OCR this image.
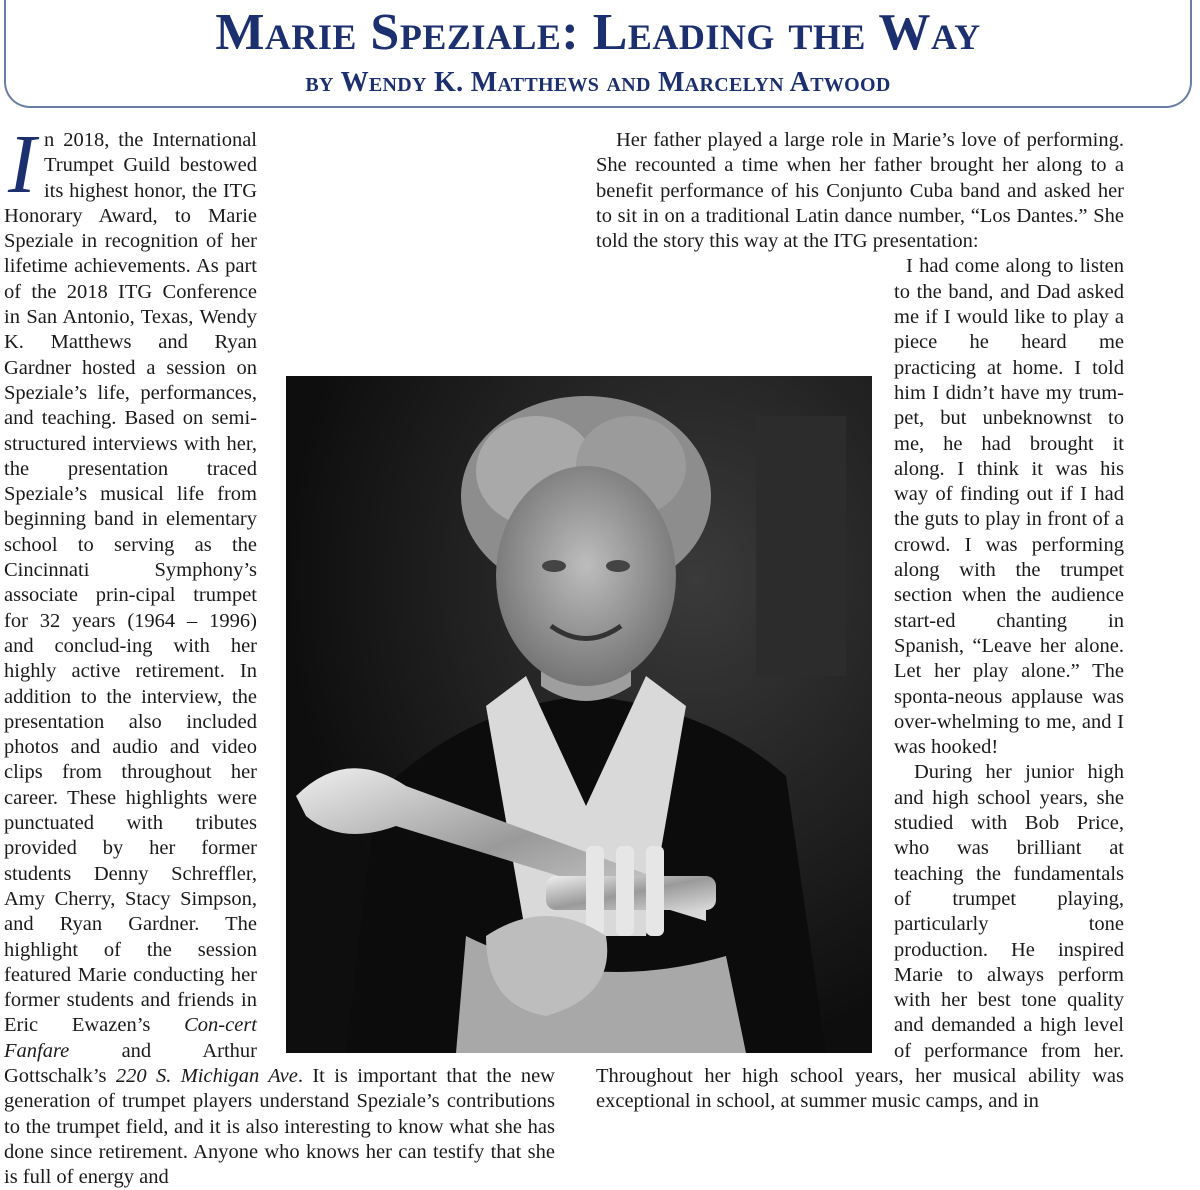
Marie Speziale: Leading the Way
by Wendy K. Matthews and Marcelyn Atwood

In 2018, the International Trumpet Guild bestowed its highest honor, the ITG Honorary Award, to Marie Speziale in recognition of her lifetime achievements. As part of the 2018 ITG Conference in San Antonio, Texas, Wendy K. Matthews and Ryan Gardner hosted a session on Speziale’s life, performances, and teaching. Based on semi-structured interviews with her, the presentation traced Speziale’s musical life from beginning band in elementary school to serving as the Cincinnati Symphony’s associate prin-cipal trumpet for 32 years (1964 – 1996) and conclud-ing with her highly active retirement. In addition to the interview, the presentation also included photos and audio and video clips from throughout her career. These highlights were punctuated with tributes provided by her former students Denny Schreffler, Amy Cherry, Stacy Simpson, and Ryan Gardner. The highlight of the session featured Marie conducting her former students and friends in Eric Ewazen’s Con-cert Fanfare and Arthur Gottschalk’s 220 S. Michigan Ave. It is important that the new generation of trumpet players understand Speziale’s contributions to the trumpet field, and it is also interesting to know what she has done since retirement. Anyone who knows her can testify that she is full of energy and

Her father played a large role in Marie’s love of performing. She recounted a time when her father brought her along to a benefit performance of his Conjunto Cuba band and asked her to sit in on a traditional Latin dance number, “Los Dantes.” She told the story this way at the ITG presentation:

I had come along to listen to the band, and Dad asked me if I would like to play a piece he heard me practicing at home. I told him I didn’t have my trum-pet, but unbeknownst to me, he had brought it along. I think it was his way of finding out if I had the guts to play in front of a crowd. I was performing along with the trumpet section when the audience start-ed chanting in Spanish, “Leave her alone. Let her play alone.” The sponta-neous applause was over-whelming to me, and I was hooked!

During her junior high and high school years, she studied with Bob Price, who was brilliant at teaching the fundamentals of trumpet playing, particularly tone production. He inspired Marie to always perform with her best tone quality and demanded a high level of performance from her. Throughout her high school years, her musical ability was exceptional in school, at summer music camps, and in
